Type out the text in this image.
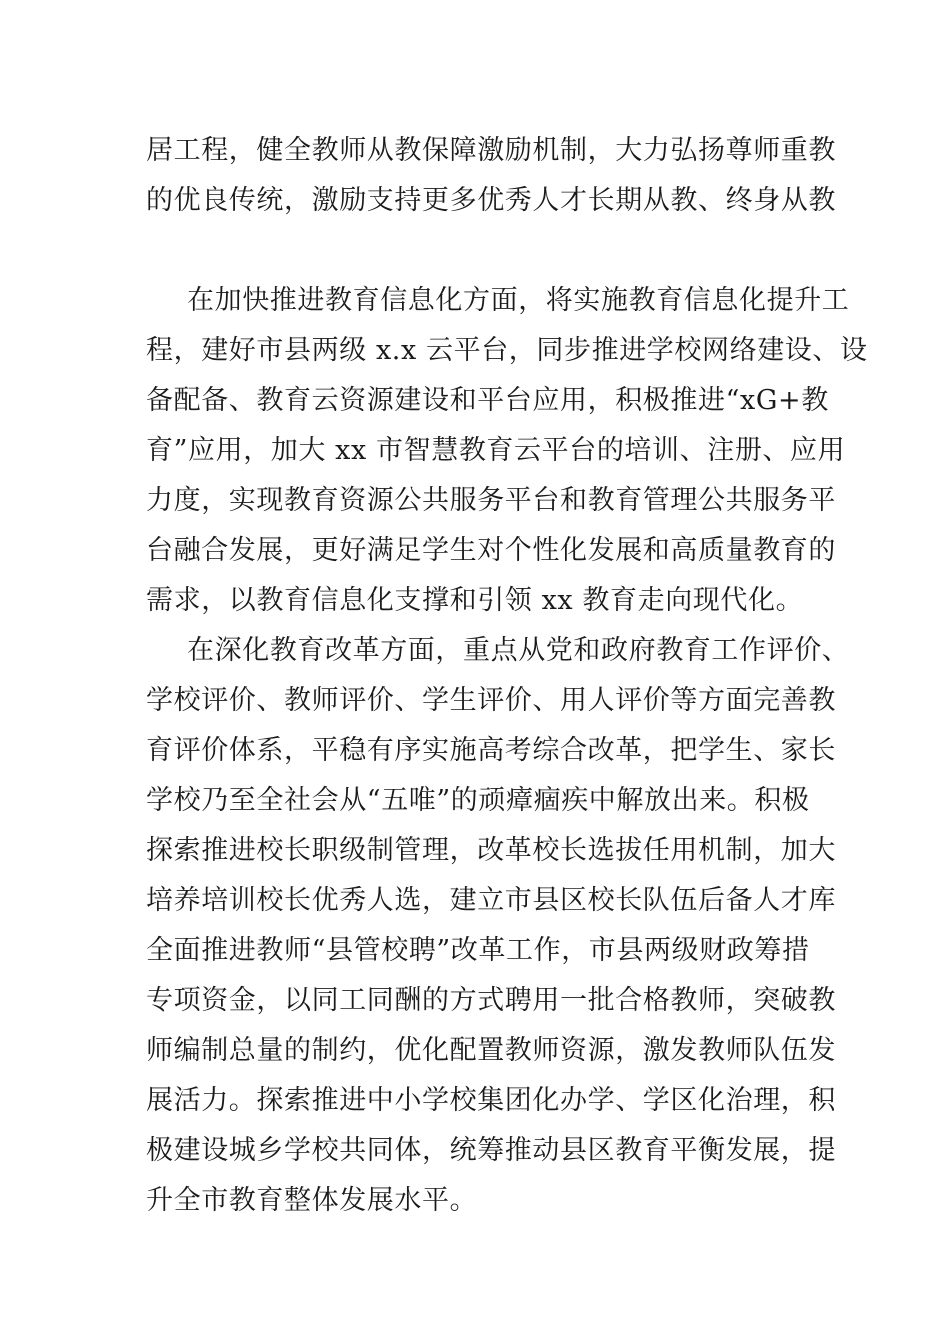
居工程，健全教师从教保障激励机制，大力弘扬尊师重教
的优良传统，激励支持更多优秀人才长期从教、终身从教
在加快推进教育信息化方面，将实施教育信息化提升工
程，建好市县两级 x.x 云平台，同步推进学校网络建设、设
备配备、教育云资源建设和平台应用，积极推进“xG+教
育”应用，加大 xx 市智慧教育云平台的培训、注册、应用
力度，实现教育资源公共服务平台和教育管理公共服务平
台融合发展，更好满足学生对个性化发展和高质量教育的
需求，以教育信息化支撑和引领 xx 教育走向现代化。
在深化教育改革方面，重点从党和政府教育工作评价、
学校评价、教师评价、学生评价、用人评价等方面完善教
育评价体系，平稳有序实施高考综合改革，把学生、家长
学校乃至全社会从“五唯”的顽瘴痼疾中解放出来。积极
探索推进校长职级制管理，改革校长选拔任用机制，加大
培养培训校长优秀人选，建立市县区校长队伍后备人才库
全面推进教师“县管校聘”改革工作，市县两级财政筹措
专项资金，以同工同酬的方式聘用一批合格教师，突破教
师编制总量的制约，优化配置教师资源，激发教师队伍发
展活力。探索推进中小学校集团化办学、学区化治理，积
极建设城乡学校共同体，统筹推动县区教育平衡发展，提
升全市教育整体发展水平。
